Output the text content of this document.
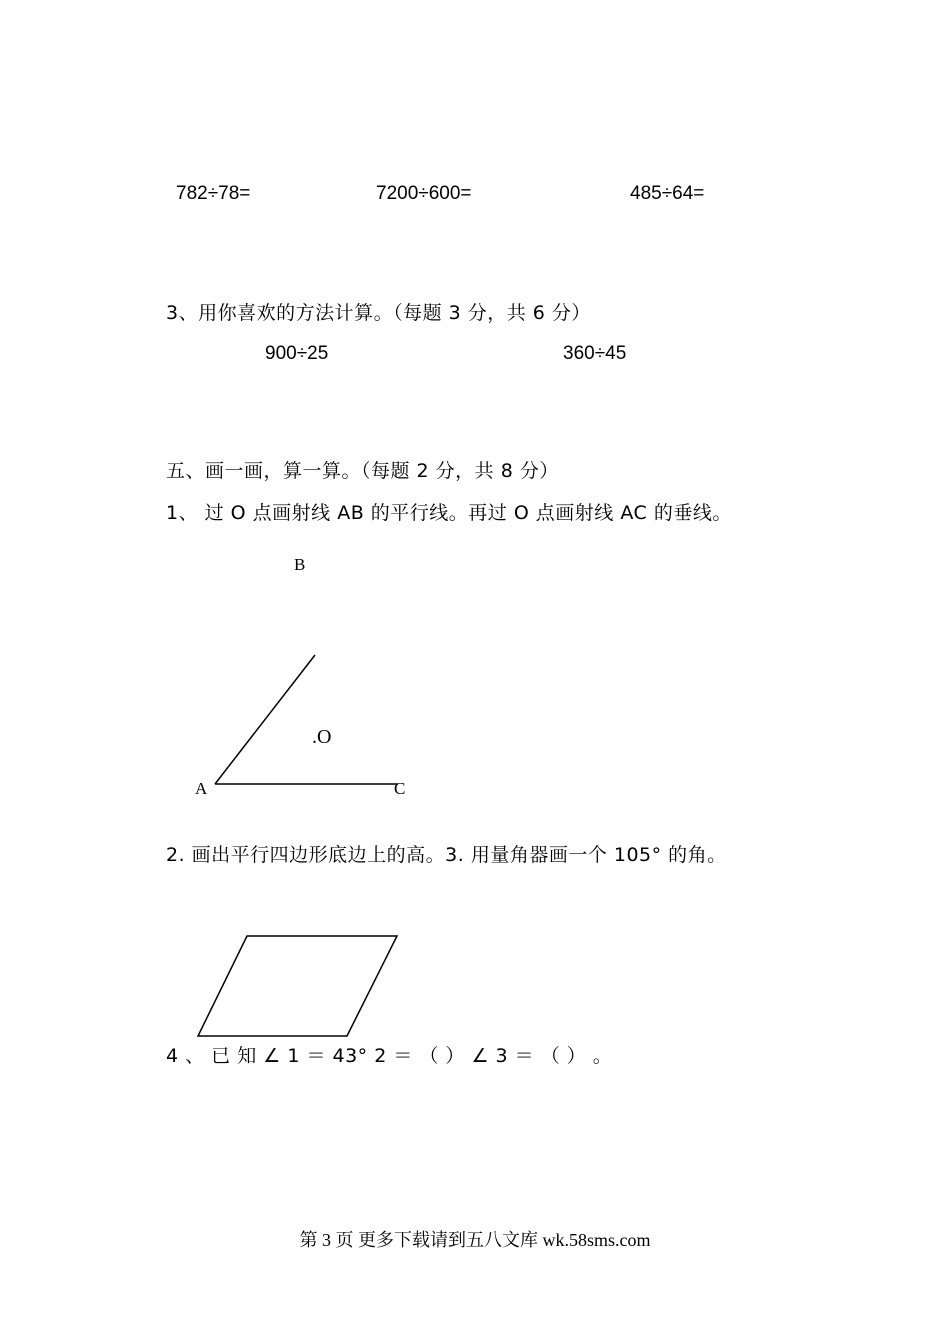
782÷78=	7200÷600=	485÷64=
3、用你喜欢的方法计算。（每题 3 分，共 6 分）
900÷25	360÷45
五、画一画，算一算。（每题 2 分，共 8 分）
1、 过 O 点画射线 AB 的平行线。再过 O 点画射线 AC 的垂线。
B
.O
A	C
2. 画出平行四边形底边上的高。3. 用量角器画一个 105° 的角。
4 、 已 知 ∠ 1 ＝ 43° 2 ＝ （ ） ∠ 3 ＝ （ ） 。
第 3 页 更多下载请到五八文库 wk.58sms.com
